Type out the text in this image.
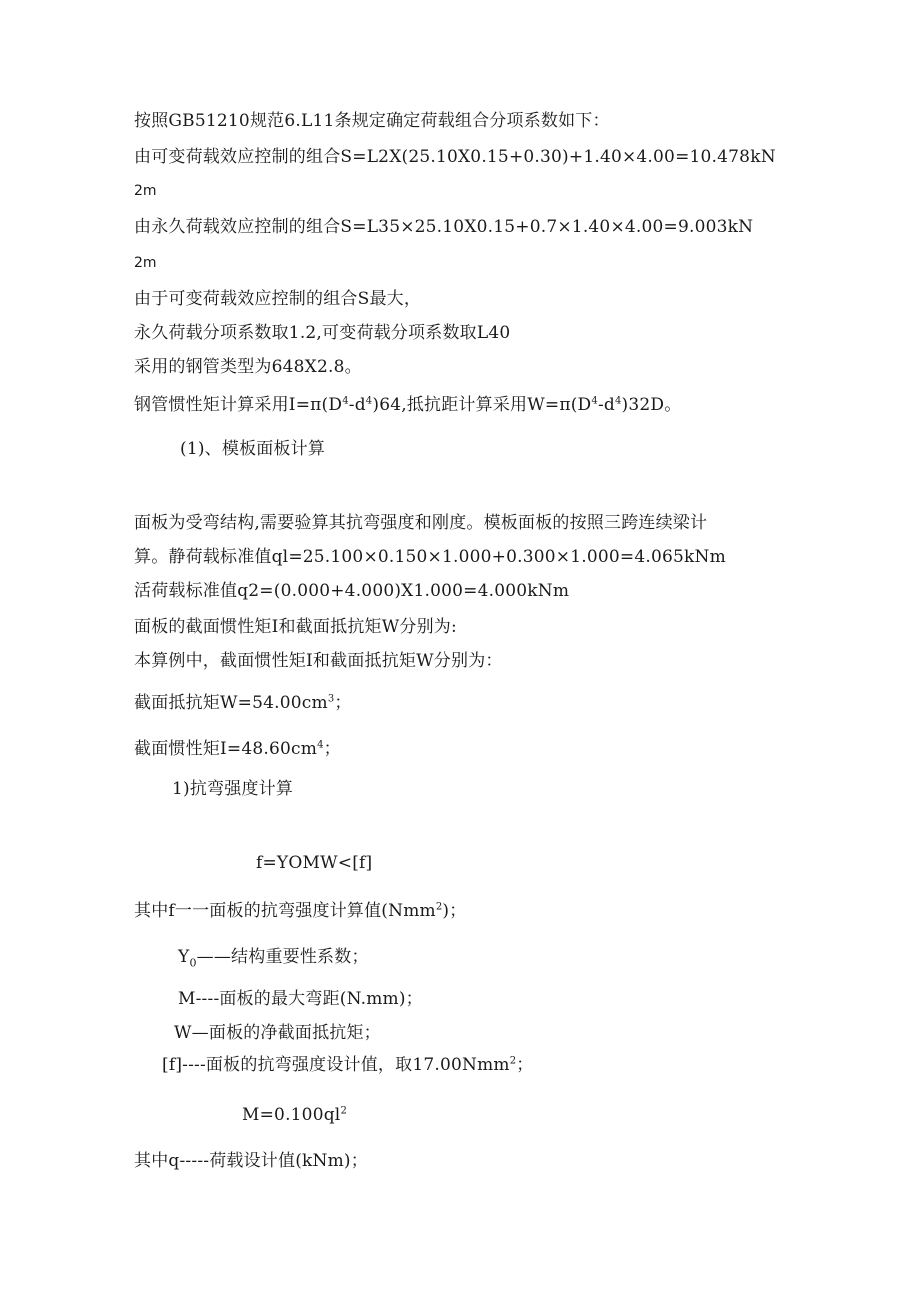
按照GB51210规范6.L11条规定确定荷载组合分项系数如下：
由可变荷载效应控制的组合S=L2X(25.10X0.15+0.30)+1.40×4.00=10.478kN
2m
由永久荷载效应控制的组合S=L35×25.10X0.15+0.7×1.40×4.00=9.003kN
2m
由于可变荷载效应控制的组合S最大，
永久荷载分项系数取1.2,可变荷载分项系数取L40
采用的钢管类型为648X2.8。
钢管惯性矩计算采用$I=\pi(D^4-d^4)64$,抵抗距计算采用$W=\pi(D^4-d^4)32D$。
(1)、模板面板计算
面板为受弯结构,需要验算其抗弯强度和刚度。模板面板的按照三跨连续梁计
算。静荷载标准值ql=25.100×0.150×1.000+0.300×1.000=4.065kNm
活荷载标准值q2=(0.000+4.000)X1.000=4.000kNm
面板的截面惯性矩I和截面抵抗矩W分别为:
本算例中，截面惯性矩I和截面抵抗矩W分别为：
截面抵抗矩$W=54.00cm^3$；
截面惯性矩$I=48.60cm^4$；
1)抗弯强度计算
f=YOMW<[f]
其中f一一面板的抗弯强度计算值(Nmm$^2$)；
$Y_0——$结构重要性系数；
M----面板的最大弯距(N.mm)；
W—面板的净截面抵抗矩；
[f]----面板的抗弯强度设计值，取17.00Nmm$^2$；
$M=0.100ql^2$
其中q-----荷载设计值(kNm)；
